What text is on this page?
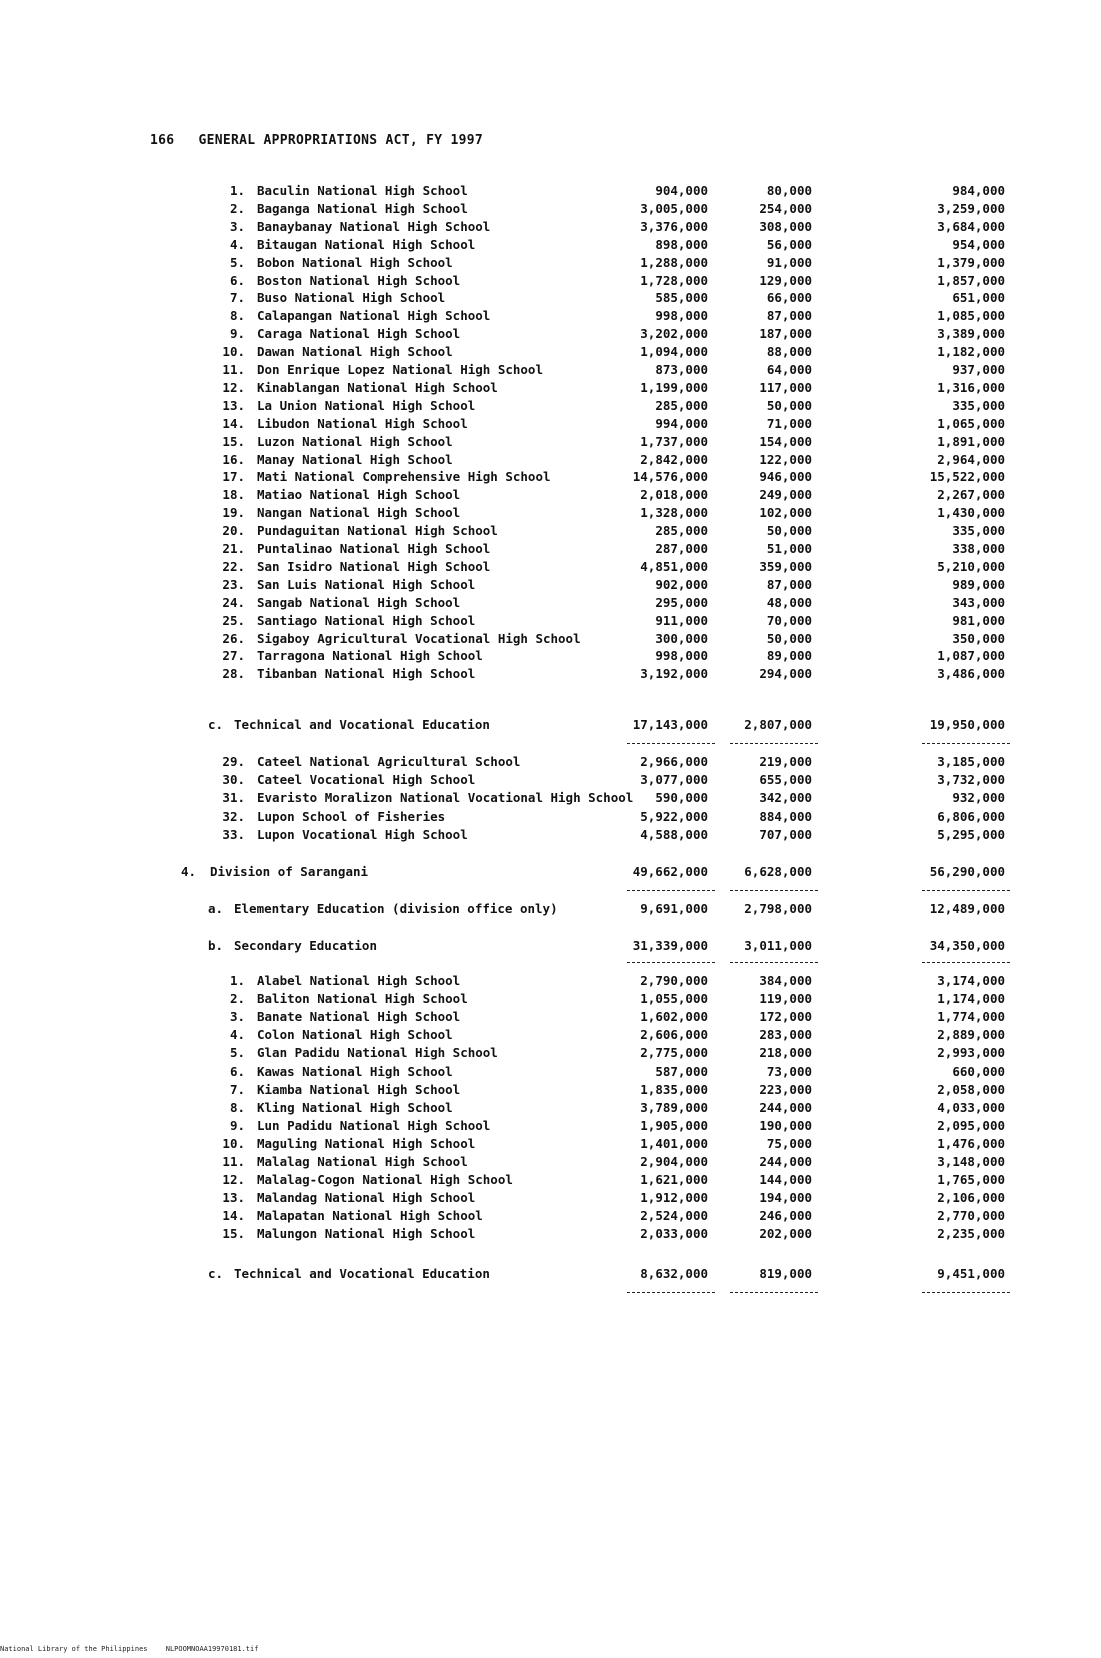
166 GENERAL APPROPRIATIONS ACT, FY 1997
1. Baculin National High School	904,000	80,000	984,000
2. Baganga National High School	3,005,000	254,000	3,259,000
3. Banaybanay National High School	3,376,000	308,000	3,684,000
4. Bitaugan National High School	898,000	56,000	954,000
5. Bobon National High School	1,288,000	91,000	1,379,000
6. Boston National High School	1,728,000	129,000	1,857,000
7. Buso National High School	585,000	66,000	651,000
8. Calapangan National High School	998,000	87,000	1,085,000
9. Caraga National High School	3,202,000	187,000	3,389,000
10. Dawan National High School	1,094,000	88,000	1,182,000
11. Don Enrique Lopez National High School	873,000	64,000	937,000
12. Kinablangan National High School	1,199,000	117,000	1,316,000
13. La Union National High School	285,000	50,000	335,000
14. Libudon National High School	994,000	71,000	1,065,000
15. Luzon National High School	1,737,000	154,000	1,891,000
16. Manay National High School	2,842,000	122,000	2,964,000
17. Mati National Comprehensive High School	14,576,000	946,000	15,522,000
18. Matiao National High School	2,018,000	249,000	2,267,000
19. Nangan National High School	1,328,000	102,000	1,430,000
20. Pundaguitan National High School	285,000	50,000	335,000
21. Puntalinao National High School	287,000	51,000	338,000
22. San Isidro National High School	4,851,000	359,000	5,210,000
23. San Luis National High School	902,000	87,000	989,000
24. Sangab National High School	295,000	48,000	343,000
25. Santiago National High School	911,000	70,000	981,000
26. Sigaboy Agricultural Vocational High School	300,000	50,000	350,000
27. Tarragona National High School	998,000	89,000	1,087,000
28. Tibanban National High School	3,192,000	294,000	3,486,000
c. Technical and Vocational Education	17,143,000	2,807,000	19,950,000
29. Cateel National Agricultural School	2,966,000	219,000	3,185,000
30. Cateel Vocational High School	3,077,000	655,000	3,732,000
31. Evaristo Moralizon National Vocational High School 590,000	342,000	932,000
32. Lupon School of Fisheries	5,922,000	884,000	6,806,000
33. Lupon Vocational High School	4,588,000	707,000	5,295,000
4. Division of Sarangani	49,662,000	6,628,000	56,290,000
a. Elementary Education (division office only)	9,691,000	2,798,000	12,489,000
b. Secondary Education	31,339,000	3,011,000	34,350,000
1. Alabel National High School	2,790,000	384,000	3,174,000
2. Baliton National High School	1,055,000	119,000	1,174,000
3. Banate National High School	1,602,000	172,000	1,774,000
4. Colon National High School	2,606,000	283,000	2,889,000
5. Glan Padidu National High School	2,775,000	218,000	2,993,000
6. Kawas National High School	587,000	73,000	660,000
7. Kiamba National High School	1,835,000	223,000	2,058,000
8. Kling National High School	3,789,000	244,000	4,033,000
9. Lun Padidu National High School	1,905,000	190,000	2,095,000
10. Maguling National High School	1,401,000	75,000	1,476,000
11. Malalag National High School	2,904,000	244,000	3,148,000
12. Malalag-Cogon National High School	1,621,000	144,000	1,765,000
13. Malandag National High School	1,912,000	194,000	2,106,000
14. Malapatan National High School	2,524,000	246,000	2,770,000
15. Malungon National High School	2,033,000	202,000	2,235,000
c. Technical and Vocational Education	8,632,000	819,000	9,451,000
National Library of the Philippines	NLPOOMNOAA19970181.tif
